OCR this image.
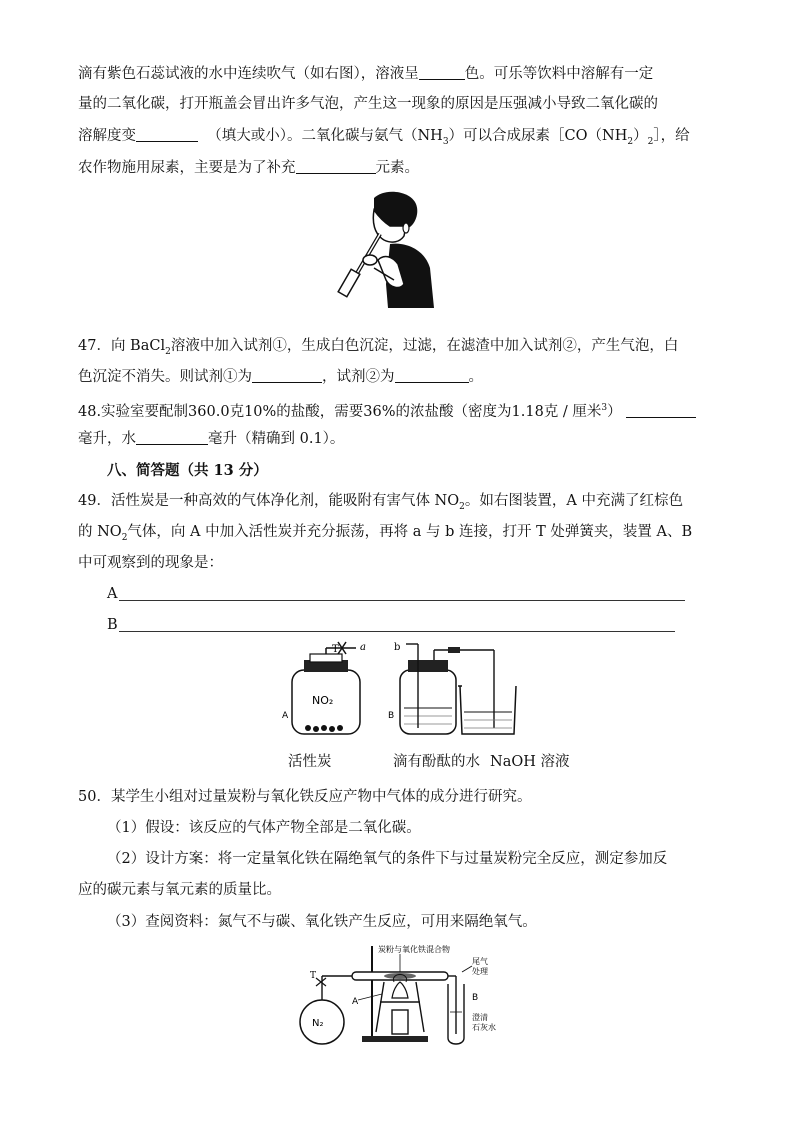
滴有紫色石蕊试液的水中连续吹气（如右图），溶液呈	色。可乐等饮料中溶解有一定
量的二氧化碳，打开瓶盖会冒出许多气泡，产生这一现象的原因是压强减小导致二氧化碳的
溶解度变	（填大或小）。二氧化碳与氨气$(NH_3)$可以合成尿素$[CO(NH_2)_2]$，给
农作物施用尿素，主要是为了补充	元素。
47．向 BaCl$_2$溶液中加入试剂①，生成白色沉淀，过滤，在滤渣中加入试剂②，产生气泡，白
色沉淀不消失。则试剂①为	，试剂②为	。
48.实验室要配制360.0克10%的盐酸，需要36%的浓盐酸（密度为1.18克 / 厘米$^3$）
毫升，水	毫升（精确到 0.1）。
八、简答题（共 13 分）
49．活性炭是一种高效的气体净化剂，能吸附有害气体 $NO_2$。如右图装置，A 中充满了红棕色
的 $NO_2$气体，向 A 中加入活性炭并充分振荡，再将 a 与 b 连接，打开 T 处弹簧夹，装置 A、B
中可观察到的现象是：
A
B
T a
NO₂
A
b
B
活性炭	滴有酚酞的水 NaOH 溶液
50．某学生小组对过量炭粉与氧化铁反应产物中气体的成分进行研究。
（1）假设：该反应的气体产物全部是二氧化碳。
（2）设计方案：将一定量氧化铁在隔绝氧气的条件下与过量炭粉完全反应，测定参加反
应的碳元素与氧元素的质量比。
（3）查阅资料：氮气不与碳、氧化铁产生反应，可用来隔绝氧气。
N₂
T
A
炭粉与氧化铁混合物
尾气
处理
B
澄清
石灰水
